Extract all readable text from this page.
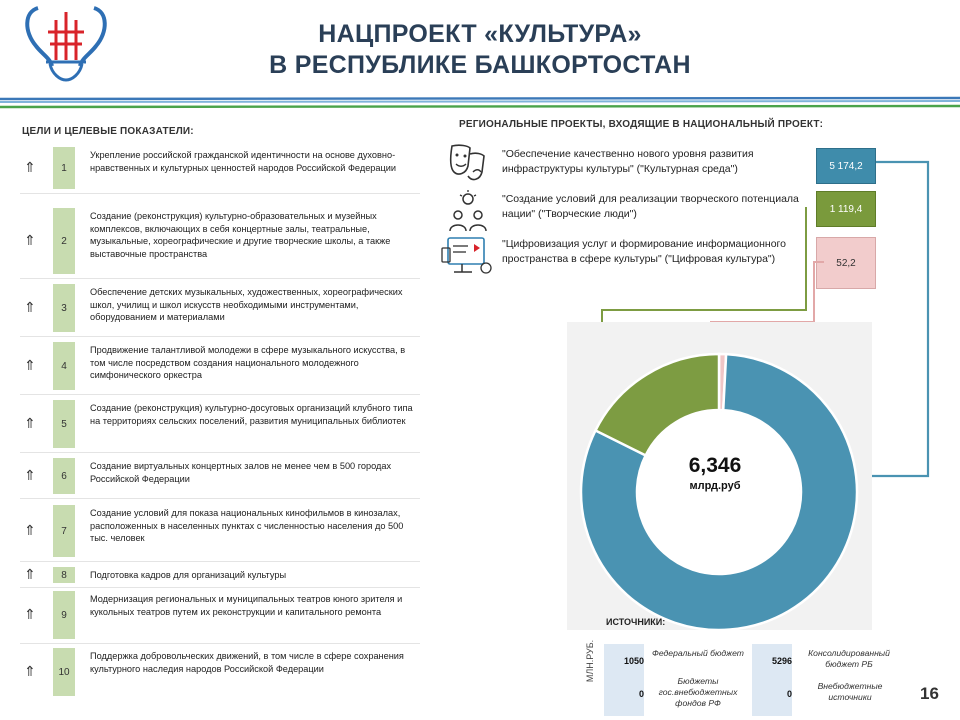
НАЦПРОЕКТ «КУЛЬТУРА»
В РЕСПУБЛИКЕ БАШКОРТОСТАН
ЦЕЛИ И ЦЕЛЕВЫЕ ПОКАЗАТЕЛИ:
⇑	1
Укрепление российской гражданской идентичности на основе духовно-нравственных и культурных ценностей народов Российской Федерации
⇑	2
Создание (реконструкция) культурно-образовательных и музейных комплексов, включающих в себя концертные залы, театральные, музыкальные, хореографические и другие творческие школы, а также выставочные пространства
⇑	3
Обеспечение детских музыкальных, художественных, хореографических школ, училищ и школ искусств необходимыми инструментами, оборудованием и материалами
⇑	4
Продвижение талантливой молодежи в сфере музыкального искусства, в том числе посредством создания национального молодежного симфонического оркестра
⇑	5
Создание (реконструкция) культурно-досуговых организаций клубного типа на территориях сельских поселений, развития муниципальных библиотек
⇑	6
Создание виртуальных концертных залов не менее чем в 500 городах Российской Федерации
⇑	7
Создание условий для показа национальных кинофильмов в кинозалах, расположенных в населенных пунктах с численностью населения до 500 тыс. человек
⇑	8	Подготовка кадров для организаций культуры
⇑	9
Модернизация региональных и муниципальных театров юного зрителя и кукольных театров путем их реконструкции и капитального ремонта
⇑	10
Поддержка добровольческих движений, в том числе в сфере сохранения культурного наследия народов Российской Федерации
РЕГИОНАЛЬНЫЕ ПРОЕКТЫ, ВХОДЯЩИЕ В НАЦИОНАЛЬНЫЙ ПРОЕКТ:
"Обеспечение качественно нового уровня развития инфраструктуры культуры" ("Культурная среда")
"Создание условий для реализации творческого потенциала нации" ("Творческие люди")
"Цифровизация услуг и формирование информационного пространства в сфере культуры" ("Цифровая культура")
5 174,2
1 119,4
52,2
6,346
млрд.руб
ИСТОЧНИКИ:
МЛН.РУБ.	1050
Федеральный бюджет
0
Бюджеты гос.внебюджетных фондов РФ
5296
Консолидированный бюджет РБ
0
Внебюджетные источники	16
